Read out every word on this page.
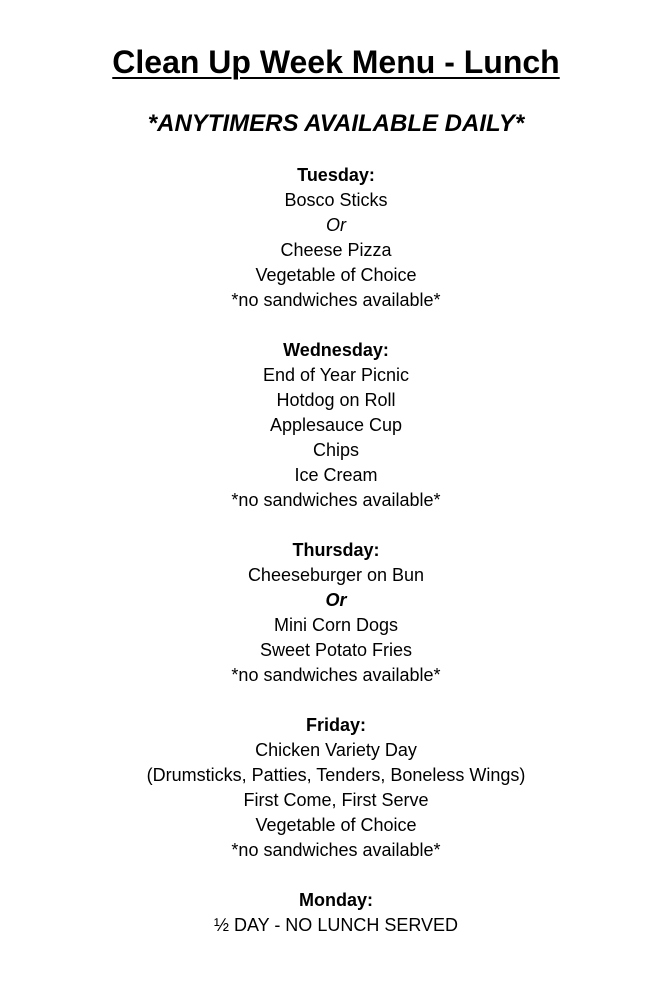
Clean Up Week Menu - Lunch
*ANYTIMERS AVAILABLE DAILY*
Tuesday:
Bosco Sticks
Or
Cheese Pizza
Vegetable of Choice
*no sandwiches available*
Wednesday:
End of Year Picnic
Hotdog on Roll
Applesauce Cup
Chips
Ice Cream
*no sandwiches available*
Thursday:
Cheeseburger on Bun
Or
Mini Corn Dogs
Sweet Potato Fries
*no sandwiches available*
Friday:
Chicken Variety Day
(Drumsticks, Patties, Tenders, Boneless Wings)
First Come, First Serve
Vegetable of Choice
*no sandwiches available*
Monday:
½ DAY - NO LUNCH SERVED
